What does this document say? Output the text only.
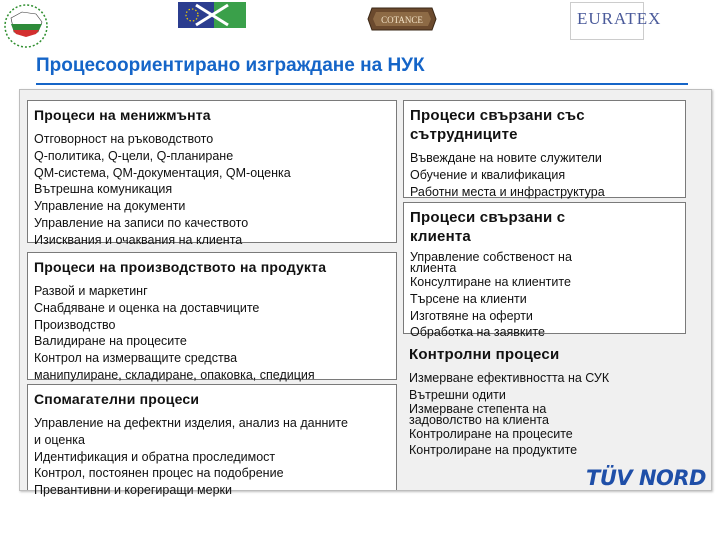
COTANCE	EURATEX
Процесоориентирано изграждане на НУК
Процеси на менижмънта
Отговорност на ръководството
Q-политика, Q-цели, Q-планиране
QM-система, QM-документация, QM-оценка
Вътрешна комуникация
Управление на документи
Управление на записи по качеството
Изисквания и очаквания на клиента
Процеси на производството на продукта
Развой и маркетинг
Снабдяване и оценка на доставчиците
Производство
Валидиране на процесите
Контрол на измерващите средства
манипулиране, складиране, опаковка, спедиция
Спомагателни процеси
Управление на дефектни изделия, анализ на данните
и оценка
Идентификация и обратна проследимост
Контрол, постоянен процес на подобрение
Превантивни и корегиращи мерки
Процеси свързани със сътрудниците
Въвеждане на новите служители
Обучение и квалификация
Работни места и инфраструктура
Процеси свързани с клиента
Управление собственост на клиента
Консултиране на клиентите
Търсене на клиенти
Изготвяне на оферти
Обработка на заявките
Контролни процеси
Измерване ефективността на СУК
Вътрешни одити
Измерване степента на задоволство на клиента
Контролиране на процесите
Контролиране на продуктите
TÜV NORD
